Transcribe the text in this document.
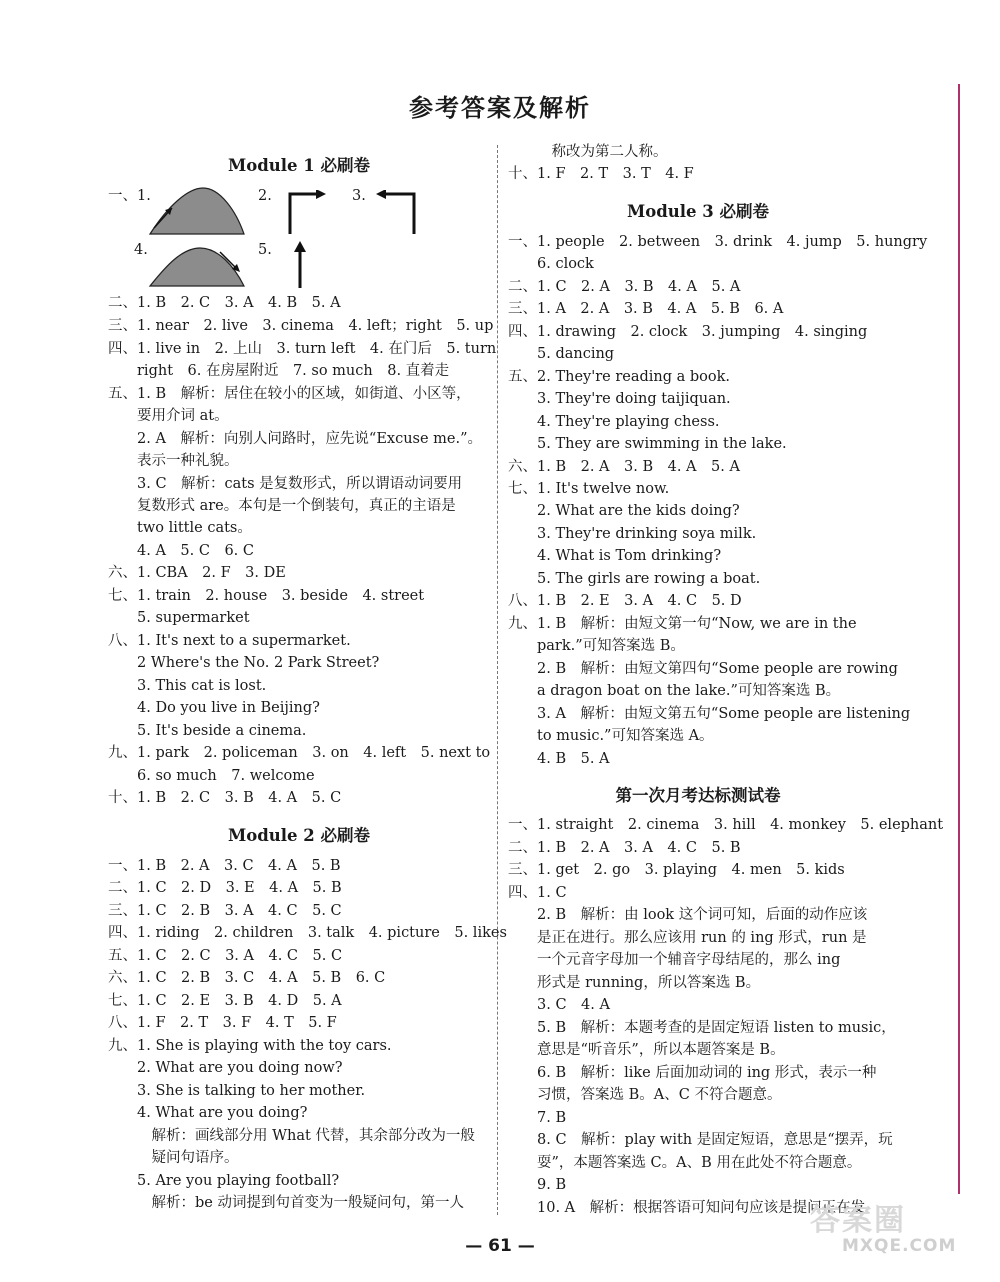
参考答案及解析
Module 1 必刷卷
一、1.	2.	3.
4.	5.
二、1. B　2. C　3. A　4. B　5. A
三、1. near　2. live　3. cinema　4. left；right　5. up
四、1. live in　2. 上山　3. turn left　4. 在门后　5. turn
　　right　6. 在房屋附近　7. so much　8. 直着走
五、1. B　解析：居住在较小的区域，如街道、小区等，
　　要用介词 at。
　　2. A　解析：向别人问路时，应先说“Excuse me.”。
　　表示一种礼貌。
　　3. C　解析：cats 是复数形式，所以谓语动词要用
　　复数形式 are。本句是一个倒装句，真正的主语是
　　two little cats。
　　4. A　5. C　6. C
六、1. CBA　2. F　3. DE
七、1. train　2. house　3. beside　4. street
　　5. supermarket
八、1. It's next to a supermarket.
　　2 Where's the No. 2 Park Street?
　　3. This cat is lost.
　　4. Do you live in Beijing?
　　5. It's beside a cinema.
九、1. park　2. policeman　3. on　4. left　5. next to
　　6. so much　7. welcome
十、1. B　2. C　3. B　4. A　5. C
Module 2 必刷卷
一、1. B　2. A　3. C　4. A　5. B
二、1. C　2. D　3. E　4. A　5. B
三、1. C　2. B　3. A　4. C　5. C
四、1. riding　2. children　3. talk　4. picture　5. likes
五、1. C　2. C　3. A　4. C　5. C
六、1. C　2. B　3. C　4. A　5. B　6. C
七、1. C　2. E　3. B　4. D　5. A
八、1. F　2. T　3. F　4. T　5. F
九、1. She is playing with the toy cars.
　　2. What are you doing now?
　　3. She is talking to her mother.
　　4. What are you doing?
　　　解析：画线部分用 What 代替，其余部分改为一般
　　　疑问句语序。
　　5. Are you playing football?
　　　解析：be 动词提到句首变为一般疑问句，第一人
　　　称改为第二人称。
十、1. F　2. T　3. T　4. F
Module 3 必刷卷
一、1. people　2. between　3. drink　4. jump　5. hungry
　　6. clock
二、1. C　2. A　3. B　4. A　5. A
三、1. A　2. A　3. B　4. A　5. B　6. A
四、1. drawing　2. clock　3. jumping　4. singing
　　5. dancing
五、2. They're reading a book.
　　3. They're doing taijiquan.
　　4. They're playing chess.
　　5. They are swimming in the lake.
六、1. B　2. A　3. B　4. A　5. A
七、1. It's twelve now.
　　2. What are the kids doing?
　　3. They're drinking soya milk.
　　4. What is Tom drinking?
　　5. The girls are rowing a boat.
八、1. B　2. E　3. A　4. C　5. D
九、1. B　解析：由短文第一句“Now, we are in the
　　park.”可知答案选 B。
　　2. B　解析：由短文第四句“Some people are rowing
　　a dragon boat on the lake.”可知答案选 B。
　　3. A　解析：由短文第五句“Some people are listening
　　to music.”可知答案选 A。
　　4. B　5. A
第一次月考达标测试卷
一、1. straight　2. cinema　3. hill　4. monkey　5. elephant
二、1. B　2. A　3. A　4. C　5. B
三、1. get　2. go　3. playing　4. men　5. kids
四、1. C
　　2. B　解析：由 look 这个词可知，后面的动作应该
　　是正在进行。那么应该用 run 的 ing 形式，run 是
　　一个元音字母加一个辅音字母结尾的，那么 ing
　　形式是 running，所以答案选 B。
　　3. C　4. A
　　5. B　解析：本题考查的是固定短语 listen to music，
　　意思是“听音乐”，所以本题答案是 B。
　　6. B　解析：like 后面加动词的 ing 形式，表示一种
　　习惯，答案选 B。A、C 不符合题意。
　　7. B
　　8. C　解析：play with 是固定短语，意思是“摆弄，玩
　　耍”，本题答案选 C。A、B 用在此处不符合题意。
　　9. B
　　10. A　解析：根据答语可知问句应该是提问正在发
答案圈
MXQE.COM
— 61 —
